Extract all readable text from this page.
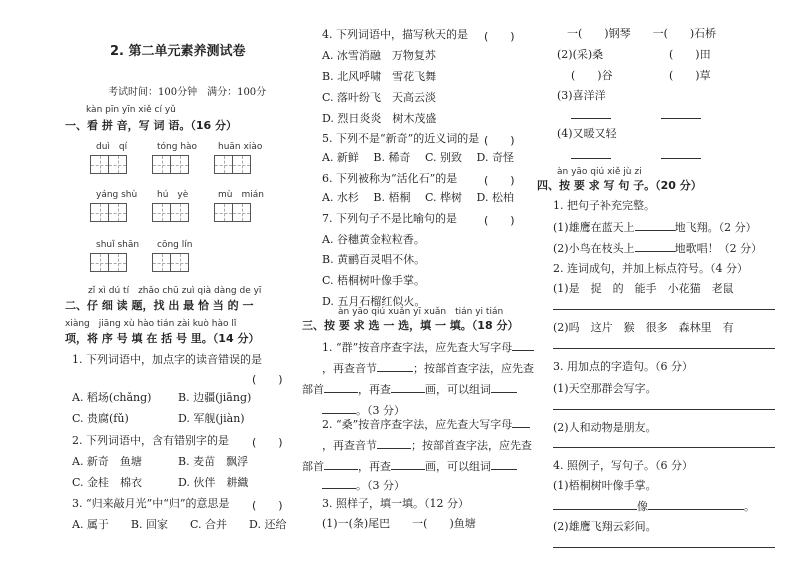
2. 第二单元素养测试卷
考试时间：100分钟　满分：100分
kàn pīn yīn xiě cí yǔ
一、看 拼 音，写 词 语。（16 分）
duì　qí	tóng hào huān xiào
yáng shù hú　yè	mù　mián
shuǐ shān cōng lín
zǐ xì dú tí　zhǎo chū zuì qià dàng de yī
二、仔 细 读 题，找 出 最 恰 当 的 一
xiàng　jiāng xù hào tián zài kuò hào lǐ
项，将 序 号 填 在 括 号 里。（14 分）
1. 下列词语中，加点字的读音错误的是
(　　)
A. 稻场(chǎng) B. 边疆(jiāng)
C. 贵腐(fǔ)	D. 军舰(jiàn)
2. 下列词语中，含有错别字的是 (　　)
A. 新奇　鱼塘	B. 麦苗　飘浮
C. 金桂　棉衣	D. 伙伴　耕織
3. “归来敲月光”中“归”的意思是 (　　)
A. 属于　　B. 回家　　C. 合并　　D. 还给
4. 下列词语中，描写秋天的是 (　　)
A. 冰雪消融　万物复苏
B. 北风呼啸　雪花飞舞
C. 落叶纷飞　天高云淡
D. 烈日炎炎　树木茂盛
5. 下列不是“新奇”的近义词的是 (　　)
A. 新鲜　 B. 稀奇　 C. 别致　 D. 奇怪
6. 下列被称为“活化石”的是 (　　)
A. 水杉　 B. 梧桐　 C. 桦树　 D. 松柏
7. 下列句子不是比喻句的是 (　　)
A. 谷穗黄金粒粒香。
B. 黄鹂百灵唱不休。
C. 梧桐树叶像手掌。
D. 五月石榴红似火。
àn yāo qiú xuǎn yī xuǎn　tián yi tián
三、按 要 求 选 一 选，填 一 填。（18 分）
1. “群”按音序查字法，应先查大写字母
，再查音节	；按部首查字法，应先查
部首	，再查	画，可以组词
。（3 分）
2. “桑”按音序查字法，应先查大写字母
，再查音节	；按部首查字法，应先查
部首	，再查	画，可以组词
。（3 分）
3. 照样子，填一填。（12 分）
(1)一(条)尾巴　　一(　　)鱼塘
一(　　)钢琴　　一(　　)石桥
(2)(采)桑	(　　)田
(　　)谷	(　　)草
(3)喜洋洋
(4)又暖又轻
àn yāo qiú xiě jù zi
四、按 要 求 写 句 子。（20 分）
1. 把句子补充完整。
(1)雄鹰在蓝天上	地飞翔。（2 分）
(2)小鸟在枝头上	地歌唱！（2 分）
2. 连词成句，并加上标点符号。（4 分）
(1)是　捉　的　能手　小花猫　老鼠
(2)吗　这片　猴　很多　森林里　有
3. 用加点的字造句。（6 分）
(1)天空那群会写字。
(2)人和动物是朋友。
4. 照例子，写句子。（6 分）
(1)梧桐树叶像手掌。
像	。
(2)雄鹰飞翔云彩间。
